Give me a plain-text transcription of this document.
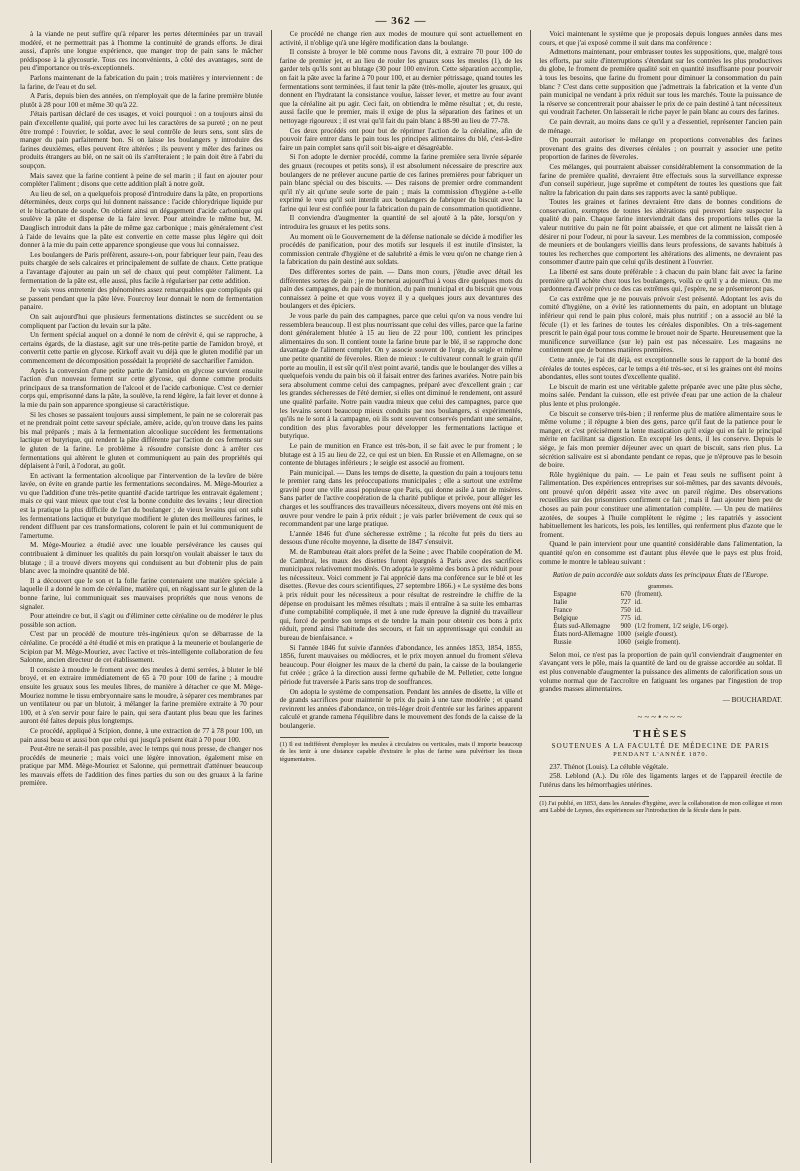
— 362 —

à la viande ne peut suffire qu'à réparer les pertes déterminées par un travail modéré, et ne permettrait pas à l'homme la continuité de grands efforts. Je dirai aussi, d'après une longue expérience, que manger trop de pain sans le mâcher prédispose à la glycosurie. Tous ces inconvénients, à côté des avantages, sont de peu d'importance ou très-exceptionnels.

Parlons maintenant de la fabrication du pain ; trois matières y interviennent : de la farine, de l'eau et du sel.

A Paris, depuis bien des années, on n'employait que de la farine première blutée plutôt à 28 pour 100 et même 30 qu'à 22.

J'étais partisan déclaré de ces usages, et voici pourquoi : on a toujours ainsi du pain d'excellente qualité, qui porte avec lui les caractères de sa pureté ; on ne peut être trompé : l'ouvrier, le soldat, avec le seul contrôle de leurs sens, sont sûrs de manger du pain parfaitement bon. Si on laisse les boulangers y introduire des farines deuxièmes, elles peuvent être altérées ; ils peuvent y mêler des farines ou produits étrangers au blé, on ne sait où ils s'arrêteraient ; le pain doit être à l'abri du soupçon.

Mais savez que la farine contient à peine de sel marin ; il faut en ajouter pour compléter l'aliment ; disons que cette addition plaît à notre goût.

Au lieu de sel, on a quelquefois proposé d'introduire dans la pâte, en proportions déterminées, deux corps qui lui donnent naissance : l'acide chlorydrique liquide pur et le bicarbonate de soude. On obtient ainsi un dégagement d'acide carbonique qui soulève la pâte et dispense de la faire lever. Pour atteindre le même but, M. Dauglisch introduit dans la pâte de même gaz carbonique ; mais généralement c'est à l'aide de levains que la pâte est convertie en cette masse plus légère qui doit donner à la mie du pain cette apparence spongieuse que vous lui connaissez.

Les boulangers de Paris préfèrent, assure-t-on, pour fabriquer leur pain, l'eau des puits chargée de sels calcaires et principalement de sulfate de chaux. Cette pratique a l'avantage d'ajouter au pain un sel de chaux qui peut compléter l'aliment. La fermentation de la pâte est, elle aussi, plus facile à régulariser par cette addition.

Je vais vous entretenir des phénomènes assez remarquables que compliqués qui se passent pendant que la pâte lève. Fourcroy leur donnait le nom de fermentation panaire.

On sait aujourd'hui que plusieurs fermentations distinctes se succèdent ou se compliquent par l'action du levain sur la pâte.

Un ferment spécial auquel on a donné le nom de cérévit é, qui se rapproche, à certains égards, de la diastase, agit sur une très-petite partie de l'amidon broyé, et convertit cette partie en glycose. Kirkoff avait vu déjà que le gluten modifié par un commencement de décomposition possédait la propriété de saccharifier l'amidon.

Après la conversion d'une petite partie de l'amidon en glycose survient ensuite l'action d'un nouveau ferment sur cette glycose, qui donne comme produits principaux de sa transformation de l'alcool et de l'acide carbonique. C'est ce dernier corps qui, emprisonné dans la pâte, la soulève, la rend légère, la fait lever et donne à la mie du pain son apparence spongieuse si caractéristique.

Si les choses se passaient toujours aussi simplement, le pain ne se colorerait pas et ne prendrait point cette saveur spéciale, amère, acide, qu'on trouve dans les pains bis mal préparés ; mais à la fermentation alcoolique succèdent les fermentations lactique et butyrique, qui rendent la pâte différente par l'action de ces ferments sur le gluten de la farine. Le problème à résoudre consiste donc à arrêter ces fermentations qui altèrent le gluten et communiquent au pain des propriétés qui déplaisent à l'œil, à l'odorat, au goût.

En activant la fermentation alcoolique par l'intervention de la levûre de bière lavée, on évite en grande partie les fermentations secondaires. M. Mège-Mouriez a vu que l'addition d'une très-petite quantité d'acide tartrique les entravait également ; mais ce qui vaut mieux que tout c'est la bonne conduite des levains ; leur direction est la pratique la plus difficile de l'art du boulanger ; de vieux levains qui ont subi les fermentations lactique et butyrique modifient le gluten des meilleures farines, le rendent diffluent par ces transformations, colorent le pain et lui communiquent de l'amertume.

M. Mège-Mouriez a étudié avec une louable persévérance les causes qui contribuaient à diminuer les qualités du pain lorsqu'on voulait abaisser le taux du blutage ; il a trouvé divers moyens qui conduisent au but d'obtenir plus de pain blanc avec la moindre quantité de blé.

Il a découvert que le son et la folle farine contenaient une matière spéciale à laquelle il a donné le nom de céréaline, matière qui, en réagissant sur le gluten de la bonne farine, lui communiquait ses mauvaises propriétés que nous venons de signaler.

Pour atteindre ce but, il s'agit ou d'éliminer cette céréaline ou de modérer le plus possible son action.

C'est par un procédé de mouture très-ingénieux qu'on se débarrasse de la céréaline. Ce procédé a été étudié et mis en pratique à la meunerie et boulangerie de Scipion par M. Mège-Mouriez, avec l'active et très-intelligente collaboration de feu Salonne, ancien directeur de cet établissement.

Il consiste à moudre le froment avec des meules à demi serrées, à bluter le blé broyé, et en extraire immédiatement de 65 à 70 pour 100 de farine ; à moudre ensuite les gruaux sous les meules libres, de manière à détacher ce que M. Mège-Mouriez nomme le tissu embryonnaire sans le moudre, à séparer ces membranes par un ventilateur ou par un blutoir, à mélanger la farine première extraite à 70 pour 100, et à s'en servir pour faire le pain, qui sera d'autant plus beau que les farines auront été faites depuis plus longtemps.

Ce procédé, appliqué à Scipion, donne, à une extraction de 77 à 78 pour 100, un pain aussi beau et aussi bon que celui qui jusqu'à présent était à 70 pour 100.

Peut-être ne serait-il pas possible, avec le temps qui nous presse, de changer nos procédés de meunerie ; mais voici une légère innovation, également mise en pratique par MM. Mège-Mouriez et Salonne, qui permettrait d'atténuer beaucoup les mauvais effets de l'addition des fines parties du son ou des gruaux à la farine première.

Ce procédé ne change rien aux modes de mouture qui sont actuellement en activité, il n'oblige qu'à une légère modification dans la boulange.

Il consiste à broyer le blé comme nous l'avons dit, à extraire 70 pour 100 de farine de premier jet, et au lieu de rouler les gruaux sous les meules (1), de les garder tels qu'ils sont au blutage (30 pour 100 environ. Cette séparation accomplie, on fait la pâte avec la farine à 70 pour 100, et au dernier pétrissage, quand toutes les fermentations sont terminées, il faut tenir la pâte (très-molle, ajouter les gruaux, qui donnent en l'hydratant la consistance voulue, laisser lever, et mettre au four avant que la céréaline ait pu agir. Ceci fait, on obtiendra le même résultat ; et, du reste, aussi facile que le premier, mais il exige de plus la séparation des farines et un nettoyage rigoureux ; il est vrai qu'il fait du pain blanc à 88-90 au lieu de 77-78.

Ces deux procédés ont pour but de réprimer l'action de la céréaline, afin de pouvoir faire entrer dans le pain tous les principes alimentaires du blé, c'est-à-dire faire un pain complet sans qu'il soit bis-aigre et désagréable.

Si l'on adopte le dernier procédé, comme la farine première sera livrée séparée des gruaux (recoupes et petits sons), il est absolument nécessaire de prescrire aux boulangers de ne prélever aucune partie de ces farines premières pour fabriquer un pain blanc spécial ou des biscuits. — Des raisons de premier ordre commandent qu'il n'y ait qu'une seule sorte de pain ; mais la commission d'hygiène a-t-elle exprimé le vœu qu'il soit interdit aux boulangers de fabriquer du biscuit avec la farine qui leur est confiée pour la fabrication du pain de consommation quotidienne.

Il conviendra d'augmenter la quantité de sel ajouté à la pâte, lorsqu'on y introduira les gruaux et les petits sons.

Au moment où le Gouvernement de la défense nationale se décide à modifier les procédés de panification, pour des motifs sur lesquels il est inutile d'insister, la commission centrale d'hygiène et de salubrité a émis le vœu qu'on ne change rien à la fabrication du pain destiné aux soldats.

Des différentes sortes de pain. — Dans mon cours, j'étudie avec détail les différentes sortes de pain ; je me bornerai aujourd'hui à vous dire quelques mots du pain des campagnes, du pain de munition, du pain municipal et du biscuit que vous connaissez à peine et que vous voyez il y a quelques jours aux devantures des boulangers et des épiciers.

Je vous parle du pain des campagnes, parce que celui qu'on va nous vendre lui ressemblera beaucoup. Il est plus nourrissant que celui des villes, parce que la farine dont généralement blutée à 15 au lieu de 22 pour 100, contient les principes alimentaires du son. Il contient toute la farine brute par le blé, il se rapproche donc davantage de l'aliment complet. On y associe souvent de l'orge, du seigle et même une petite quantité de fèveroles. Rien de mieux : le cultivateur connaît le grain qu'il porte au moulin, il est sûr qu'il n'est point avarié, tandis que le boulanger des villes a quelquefois vendu du pain bis où il faisait entrer des farines avariées. Notre pain bis sera absolument comme celui des campagnes, préparé avec d'excellent grain ; car les grandes sécheresses de l'été dernier, si elles ont diminué le rendement, ont assuré une qualité parfaite. Notre pain vaudra mieux que celui des campagnes, parce que les levains seront beaucoup mieux conduits par nos boulangers, si expérimentés, qu'ils ne le sont à la campagne, où ils sont souvent conservés pendant une semaine, condition des plus favorables pour développer les fermentations lactique et butyrique.

Le pain de munition en France est très-bon, il se fait avec le pur froment ; le blutage est à 15 au lieu de 22, ce qui est un bien. En Russie et en Allemagne, on se contente de blutages inférieurs ; le seigle est associé au froment.

Pain municipal. — Dans les temps de disette, la question du pain a toujours tenu le premier rang dans les préoccupations municipales ; elle a surtout une extrême gravité pour une ville aussi populeuse que Paris, qui donne asile à tant de misères. Sans parler de l'active coopération de la charité publique et privée, pour alléger les charges et les souffrances des travailleurs nécessiteux, divers moyens ont été mis en œuvre pour vendre le pain à prix réduit ; je vais parler brièvement de ceux qui se recommandent par une large pratique.

L'année 1846 fut d'une sécheresse extrême ; la récolte fut près du tiers au dessous d'une récolte moyenne, la disette de 1847 s'ensuivit.

M. de Rambuteau était alors préfet de la Seine ; avec l'habile coopération de M. de Cambrai, les maux des disettes furent épargnés à Paris avec des sacrifices municipaux relativement modérés. On adopta le système des bons à prix réduit pour les nécessiteux. Voici comment je l'ai apprécié dans ma conférence sur le blé et les disettes. (Revue des cours scientifiques, 27 septembre 1866.) « Le système des bons à prix réduit pour les nécessiteux a pour résultat de restreindre le chiffre de la dépense en produisant les mêmes résultats ; mais il entraîne à sa suite les embarras d'une comptabilité compliquée, il met à une rude épreuve la dignité du travailleur qui, forcé de perdre son temps et de tendre la main pour obtenir ces bons à prix réduit, prend ainsi l'habitude des secours, et fait un apprentissage qui conduit au bureau de bienfaisance. »

Si l'année 1846 fut suivie d'années d'abondance, les années 1853, 1854, 1855, 1856, furent mauvaises ou médiocres, et le prix moyen annuel du froment s'éleva beaucoup. Pour éloigner les maux de la cherté du pain, la caisse de la boulangerie fut créée ; grâce à la direction aussi ferme qu'habile de M. Pelletier, cette longue période fut traversée à Paris sans trop de souffrances.

On adopta le système de compensation. Pendant les années de disette, la ville et de grands sacrifices pour maintenir le prix du pain à une taxe modérée ; et quand revinrent les années d'abondance, on très-léger droit d'entrée sur les farines apparent calculé et grande ramena l'équilibre dans le mouvement des fonds de la caisse de la boulangerie.

(1) Il est indifférent d'employer les meules à circulaires ou verticales, mais il importe beaucoup de les tenir à une distance capable d'extraire le plus de farine sans pulvériser les tissus tégumentaires.

Voici maintenant le système que je proposais depuis longues années dans mes cours, et que j'ai exposé comme il suit dans ma conférence :

Admettons maintenant, pour embrasser toutes les suppositions, que, malgré tous les efforts, par suite d'interruptions s'étendant sur les contrées les plus productives du globe, le froment de première qualité soit en quantité insuffisante pour pourvoir à tous les besoins, que farine du froment pour diminuer la consommation du pain blanc ? C'est dans cette supposition que j'admettrais la fabrication et la vente d'un pain municipal ne vendant à prix réduit sur tous les marchés. Toute la puissance de la réserve se concentrerait pour abaisser le prix de ce pain destiné à tant nécessiteux qui voudrait l'acheter. On laisserait le riche payer le pain blanc au cours des farines.

Ce pain devrait, au moins dans ce qu'il y a d'essentiel, représenter l'ancien pain de ménage.

On pourrait autoriser le mélange en proportions convenables des farines provenant des grains des diverses céréales ; on pourrait y associer une petite proportion de farines de fèveroles.

Ces mélanges, qui pourraient abaisser considérablement la consommation de la farine de première qualité, devraient être effectués sous la surveillance expresse d'un conseil supérieur, juge suprême et compétent de toutes les questions que fait naître la fabrication du pain dans ses rapports avec la santé publique.

Toutes les graines et farines devraient être dans de bonnes conditions de conservation, exemptes de toutes les altérations qui peuvent faire suspecter la qualité du pain. Chaque farine interviendrait dans des proportions telles que la valeur nutritive du pain ne fût point abaissée, et que cet aliment ne laissât rien à désirer ni pour l'odeur, ni pour la saveur. Les membres de la commission, composée de meuniers et de boulangers vieillis dans leurs professions, de savants habitués à toutes les recherches que comportent les altérations des aliments, ne devraient pas consommer d'autre pain que celui qu'ils destinent à l'ouvrier.

La liberté est sans doute préférable : à chacun du pain blanc fait avec la farine première qu'il achète chez tous les boulangers, voilà ce qu'il y a de mieux. On me pardonnera d'avoir prévu ce des cas extrêmes qui, j'espère, ne se présenteront pas.

Ce cas extrême que je ne pouvais prévoir s'est présenté. Adoptant les avis du comité d'hygiène, on a évité les rationnements du pain, en adoptant un blutage inférieur qui rend le pain plus coloré, mais plus nutritif ; on a associé au blé la fécule (1) et les farines de toutes les céréales disponibles. On a très-sagement prescrit le pain égal pour tous comme le brouet noir de Sparte. Heureusement que la munificence surveillance (sur le) pain est pas nécessaire. Les magasins ne contiennent que de bonnes matières premières.

Cette année, je l'ai dit déjà, est exceptionnelle sous le rapport de la bonté des céréales de toutes espèces, car le temps a été très-sec, et si les graines ont été moins abondantes, elles sont toutes d'excellente qualité.

Le biscuit de marin est une véritable galette préparée avec une pâte plus sèche, moins salée. Pendant la cuisson, elle est privée d'eau par une action de la chaleur plus lente et plus prolongée.

Ce biscuit se conserve très-bien ; il renferme plus de matière alimentaire sous le même volume ; il répugne à bien des gens, parce qu'il faut de la patience pour le manger, et c'est précisément la lente mastication qu'il exige qui en fait le principal mérite en facilitant sa digestion. En excepté les dents, il les conserve. Depuis le siége, je fais mon premier déjeuner avec un quart de biscuit, sans rien plus. La sécrétion salivaire est si abondante pendant ce repas, que je n'éprouve pas le besoin de boire.

Rôle hygiénique du pain. — Le pain et l'eau seuls ne suffisent point à l'alimentation. Des expériences entreprises sur soi-mêmes, par des savants dévoués, ont prouvé qu'on dépérit assez vite avec un pareil régime. Des observations recueillies sur des prisonniers confirment ce fait ; mais il faut ajouter bien peu de choses au pain pour constituer une alimentation complète. — Un peu de matières azotées, de soupes à l'huile complètent le régime ; les rapatriés y associent habituellement les haricots, les pois, les lentilles, qui renferment plus d'azote que le froment.

Quand le pain intervient pour une quantité considérable dans l'alimentation, la quantité qu'on en consomme est d'autant plus élevée que le pays est plus froid, comme le montre le tableau suivant :

Ration de pain accordée aux soldats dans les principaux États de l'Europe.
grammes.
Espagne	670	(froment).
Italie	727	id.
France	750	id.
Belgique	775	id.
États sud-Allemagne	900	(1/2 froment, 1/2 seigle, 1/6 orge).
États nord-Allemagne	1000	(seigle d'ouest).
Russie	1060	(seigle froment).

Selon moi, ce n'est pas la proportion de pain qu'il conviendrait d'augmenter en s'avançant vers le pôle, mais la quantité de lard ou de graisse accordée au soldat. Il est plus convenable d'augmenter la puissance des aliments de calorification sous un volume normal que de l'accroître en fatiguant les organes par l'ingestion de trop grandes masses alimentaires.

— BOUCHARDAT.
~~~•~~~
THÈSES
SOUTENUES A LA FACULTÉ DE MÉDECINE DE PARIS
PENDANT L'ANNÉE 1870.

237. Thénot (Louis). La céluble végétale.

258. Leblond (A.). Du rôle des ligaments larges et de l'appareil érectile de l'utérus dans les hémorrhagies utérines.

(1) J'ai publié, en 1853, dans les Annales d'hygiène, avec la collaboration de mon collègue et mon ami Labbé de Leynes, des expériences sur l'introduction de la fécule dans le pain.
